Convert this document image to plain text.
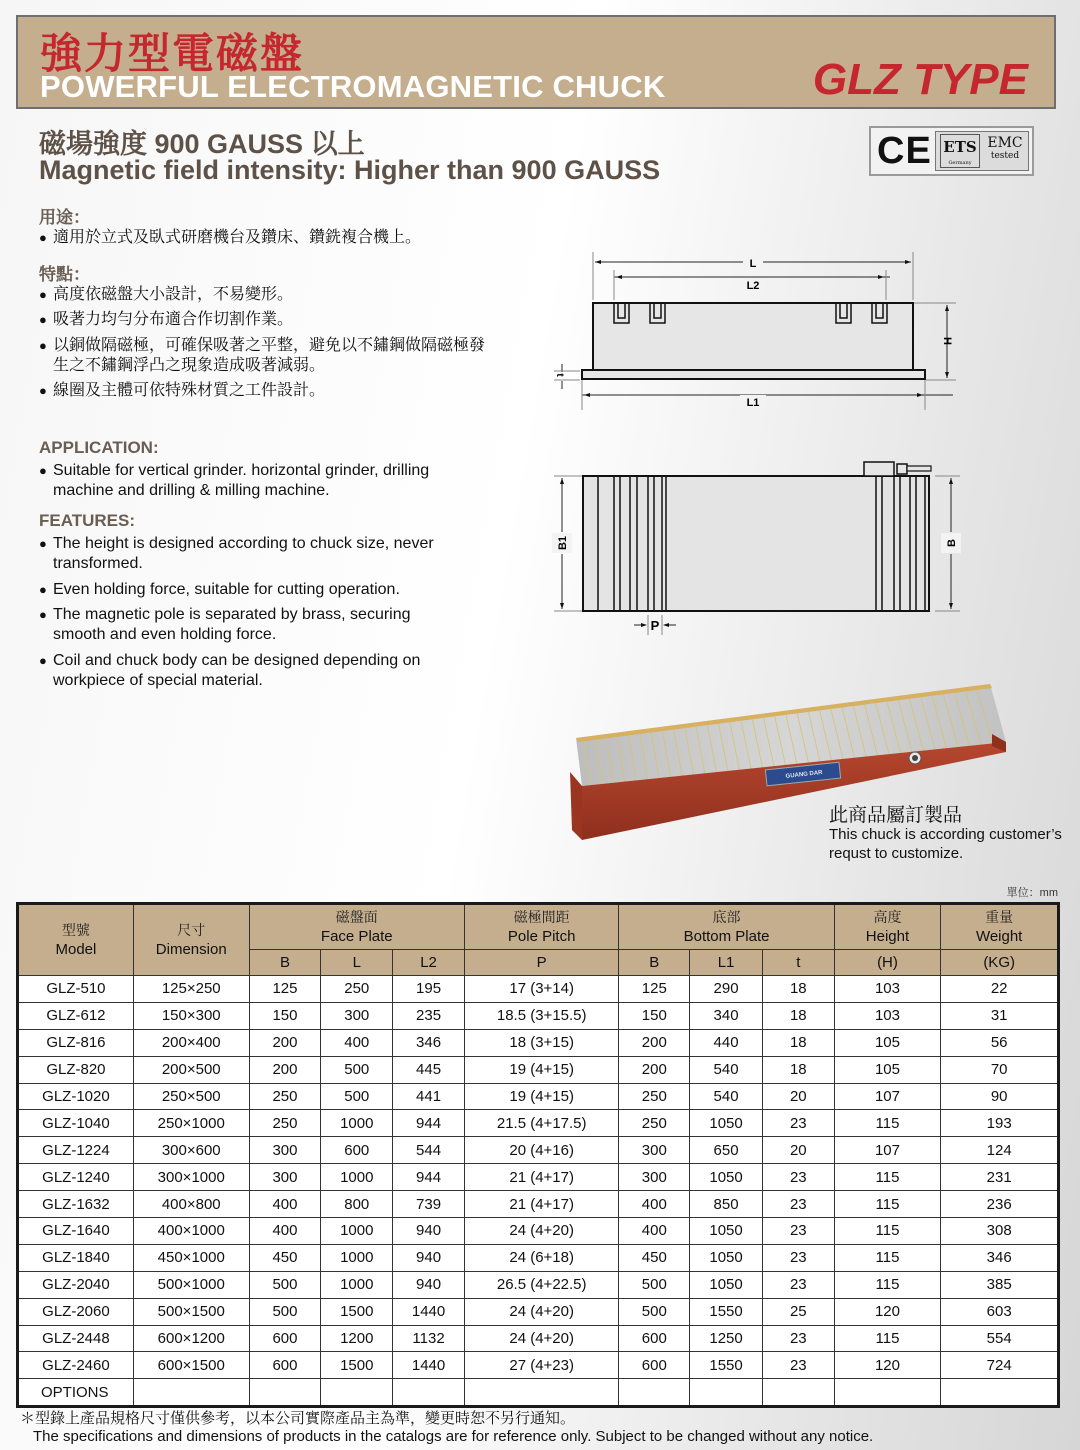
強力型電磁盤
POWERFUL ELECTROMAGNETIC CHUCK	GLZ TYPE
磁場強度 900 GAUSS 以上
Magnetic field intensity: Higher than 900 GAUSS	CE ETS
Germany
EMC
tested
用途：
● 適用於立式及臥式研磨機台及鑽床、鑽銑複合機上。
特點：
● 高度依磁盤大小設計，不易變形。
● 吸著力均勻分布適合作切割作業。
● 以銅做隔磁極，可確保吸著之平整，避免以不鏽鋼做隔磁極發生之不鏽鋼浮凸之現象造成吸著減弱。
● 線圈及主體可依特殊材質之工件設計。
APPLICATION:
● Suitable for vertical grinder. horizontal grinder, drilling machine and drilling & milling machine.
FEATURES:
● The height is designed according to chuck size, never transformed.
● Even holding force, suitable for cutting operation.
● The magnetic pole is separated by brass, securing smooth and even holding force.
● Coil and chuck body can be designed depending on workpiece of special material.
L
L2
L1
H
t
B1	B
P
GUANG DAR
此商品屬訂製品
This chuck is according customer’s requst to customize.
單位：mm
型號
Model	尺寸
Dimension	磁盤面
Face Plate			磁極間距
Pole Pitch	底部
Bottom Plate			高度
Height	重量
Weight
		B	L	L2	P	B	L1	t	(H)	(KG)
GLZ-510	125×250	125	250	195	17 (3+14)	125	290	18	103	22
GLZ-612	150×300	150	300	235	18.5 (3+15.5)	150	340	18	103	31
GLZ-816	200×400	200	400	346	18 (3+15)	200	440	18	105	56
GLZ-820	200×500	200	500	445	19 (4+15)	200	540	18	105	70
GLZ-1020	250×500	250	500	441	19 (4+15)	250	540	20	107	90
GLZ-1040	250×1000	250	1000	944	21.5 (4+17.5)	250	1050	23	115	193
GLZ-1224	300×600	300	600	544	20 (4+16)	300	650	20	107	124
GLZ-1240	300×1000	300	1000	944	21 (4+17)	300	1050	23	115	231
GLZ-1632	400×800	400	800	739	21 (4+17)	400	850	23	115	236
GLZ-1640	400×1000	400	1000	940	24 (4+20)	400	1050	23	115	308
GLZ-1840	450×1000	450	1000	940	24 (6+18)	450	1050	23	115	346
GLZ-2040	500×1000	500	1000	940	26.5 (4+22.5)	500	1050	23	115	385
GLZ-2060	500×1500	500	1500	1440	24 (4+20)	500	1550	25	120	603
GLZ-2448	600×1200	600	1200	1132	24 (4+20)	600	1250	23	115	554
GLZ-2460	600×1500	600	1500	1440	27 (4+23)	600	1550	23	120	724
OPTIONS										
＊型錄上產品規格尺寸僅供參考，以本公司實際產品主為準，變更時恕不另行通知。
The specifications and dimensions of products in the catalogs are for reference only. Subject to be changed without any notice.
